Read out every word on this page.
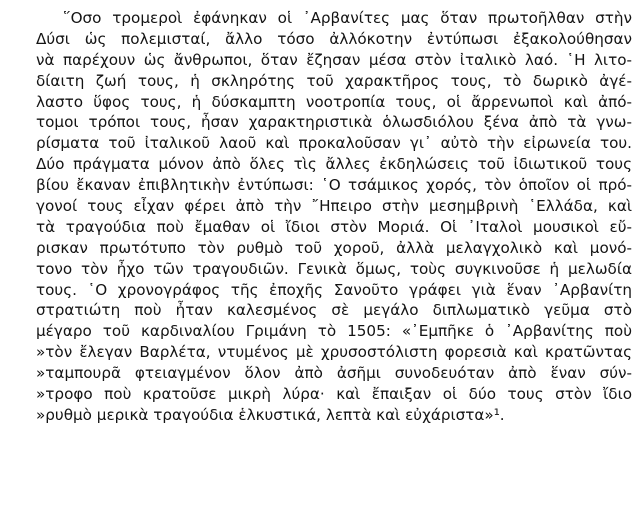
῞Οσο τρομεροὶ ἐφάνηκαν οἱ ᾿Αρβανίτες μας ὅταν πρωτοῆλθαν στὴν
Δύσι ὡς πολεμισταί, ἄλλο τόσο ἀλλόκοτην ἐντύπωσι ἐξακολούθησαν
νὰ παρέχουν ὡς ἄνθρωποι, ὅταν ἔζησαν μέσα στὸν ἰταλικὸ λαό. ῾Η λιτο-
δίαιτη ζωή τους, ἡ σκληρότης τοῦ χαρακτῆρος τους, τὸ δωρικὸ ἀγέ-
λαστο ὕφος τους, ἡ δύσκαμπτη νοοτροπία τους, οἱ ἄρρενωποὶ καὶ ἀπό-
τομοι τρόποι τους, ἦσαν χαρακτηριστικὰ ὁλωσδιόλου ξένα ἀπὸ τὰ γνω-
ρίσματα τοῦ ἰταλικοῦ λαοῦ καὶ προκαλοῦσαν γι᾿ αὐτὸ τὴν εἰρωνεία του.
Δύο πράγματα μόνον ἀπὸ ὅλες τὶς ἄλλες ἐκδηλώσεις τοῦ ἰδιωτικοῦ τους
βίου ἔκαναν ἐπιβλητικὴν ἐντύπωσι: ῾Ο τσάμικος χορός, τὸν ὁποῖον οἱ πρό-
γονοί τους εἶχαν φέρει ἀπὸ τὴν ῎Ηπειρο στὴν μεσημβρινὴ ῾Ελλάδα, καὶ
τὰ τραγούδια ποὺ ἔμαθαν οἱ ἴδιοι στὸν Μοριά. Οἱ ᾿Ιταλοὶ μουσικοὶ εὔ-
ρισκαν πρωτότυπο τὸν ρυθμὸ τοῦ χοροῦ, ἀλλὰ μελαγχολικὸ καὶ μονό-
τονο τὸν ἦχο τῶν τραγουδιῶν. Γενικὰ ὅμως, τοὺς συγκινοῦσε ἡ μελωδία
τους. ῾Ο χρονογράφος τῆς ἐποχῆς Σανοῦτο γράφει γιὰ ἕναν ᾿Αρβανίτη
στρατιώτη ποὺ ἦταν καλεσμένος σὲ μεγάλο διπλωματικὸ γεῦμα στὸ
μέγαρο τοῦ καρδιναλίου Γριμάνη τὸ 1505: «᾿Εμπῆκε ὁ ᾿Αρβανίτης ποὺ
»τὸν ἔλεγαν Βαρλέτα, ντυμένος μὲ χρυσοστόλιστη φορεσιὰ καὶ κρατῶντας
»ταμπουρᾶ φτειαγμένον ὅλον ἀπὸ ἀσῆμι συνοδευόταν ἀπὸ ἕναν σύν-
»τροφο ποὺ κρατοῦσε μικρὴ λύρα· καὶ ἔπαιξαν οἱ δύο τους στὸν ἴδιο
»ρυθμὸ μερικὰ τραγούδια ἑλκυστικά, λεπτὰ καὶ εὐχάριστα»¹.
